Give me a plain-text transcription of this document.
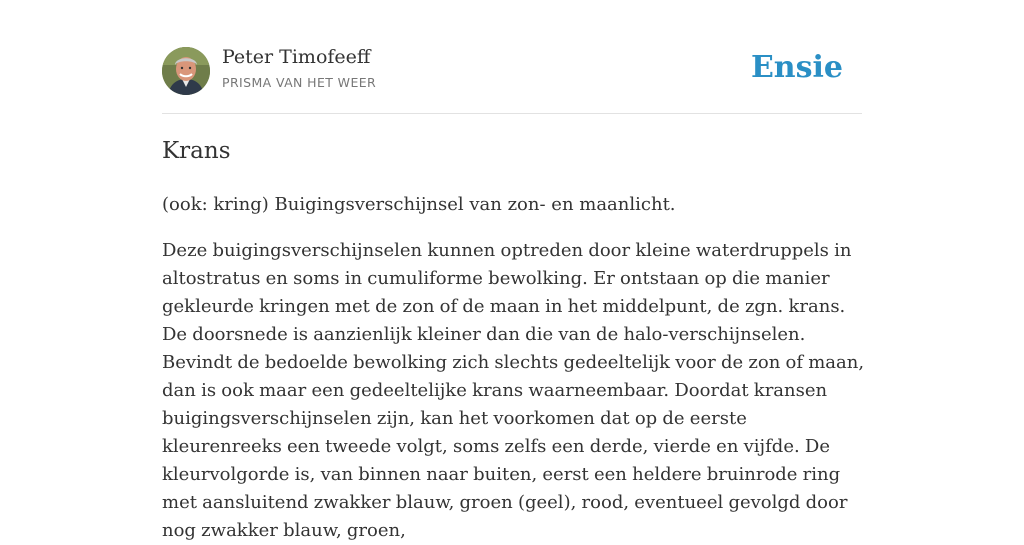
Peter Timofeeff
PRISMA VAN HET WEER	Ensie
Krans

(ook: kring) Buigingsverschijnsel van zon- en maanlicht.

Deze buigingsverschijnselen kunnen optreden door kleine waterdruppels in altostratus en soms in cumuliforme bewolking. Er ontstaan op die manier gekleurde kringen met de zon of de maan in het middelpunt, de zgn. krans. De doorsnede is aanzienlijk kleiner dan die van de halo-verschijnselen. Bevindt de bedoelde bewolking zich slechts gedeeltelijk voor de zon of maan, dan is ook maar een gedeeltelijke krans waarneembaar. Doordat kransen buigingsverschijnselen zijn, kan het voorkomen dat op de eerste kleurenreeks een tweede volgt, soms zelfs een derde, vierde en vijfde. De kleurvolgorde is, van binnen naar buiten, eerst een heldere bruinrode ring met aansluitend zwakker blauw, groen (geel), rood, eventueel gevolgd door nog zwakker blauw, groen,
